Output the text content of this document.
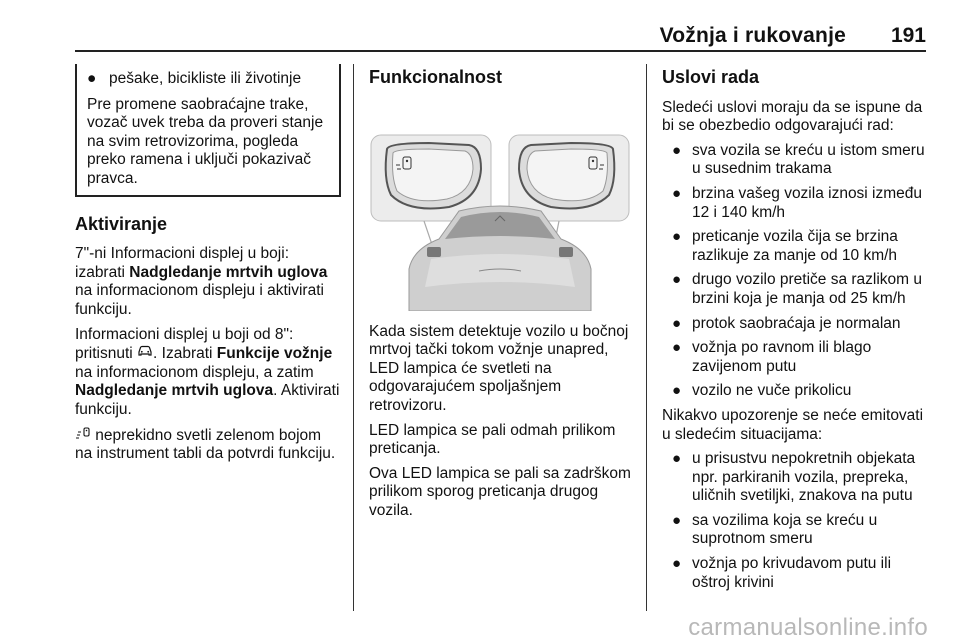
Vožnja i rukovanje 191
● pešake, bicikliste ili životinje

Pre promene saobraćajne trake, vozač uvek treba da proveri stanje na svim retrovizorima, pogleda preko ramena i uključi pokazivač pravca.

Aktiviranje

7"-ni Informacioni displej u boji: izabrati Nadgledanje mrtvih uglova na informacionom displeju i aktivirati funkciju.

Informacioni displej u boji od 8": pritisnuti . Izabrati Funkcije vožnje na informacionom displeju, a zatim Nadgledanje mrtvih uglova. Aktivirati funkciju.

neprekidno svetli zelenom bojom na instrument tabli da potvrdi funkciju.

Funkcionalnost

Kada sistem detektuje vozilo u bočnoj mrtvoj tački tokom vožnje unapred, LED lampica će svetleti na odgovarajućem spoljašnjem retrovizoru.

LED lampica se pali odmah prilikom preticanja.

Ova LED lampica se pali sa zadrškom prilikom sporog preticanja drugog vozila.

Uslovi rada

Sledeći uslovi moraju da se ispune da bi se obezbedio odgovarajući rad:

● sva vozila se kreću u istom smeru u susednim trakama
● brzina vašeg vozila iznosi između 12 i 140 km/h
● preticanje vozila čija se brzina razlikuje za manje od 10 km/h
● drugo vozilo pretiče sa razlikom u brzini koja je manja od 25 km/h
● protok saobraćaja je normalan
● vožnja po ravnom ili blago zavijenom putu
● vozilo ne vuče prikolicu

Nikakvo upozorenje se neće emitovati u sledećim situacijama:

● u prisustvu nepokretnih objekata npr. parkiranih vozila, prepreka, uličnih svetiljki, znakova na putu
● sa vozilima koja se kreću u suprotnom smeru
● vožnja po krivudavom putu ili oštroj krivini
carmanualsonline.info
